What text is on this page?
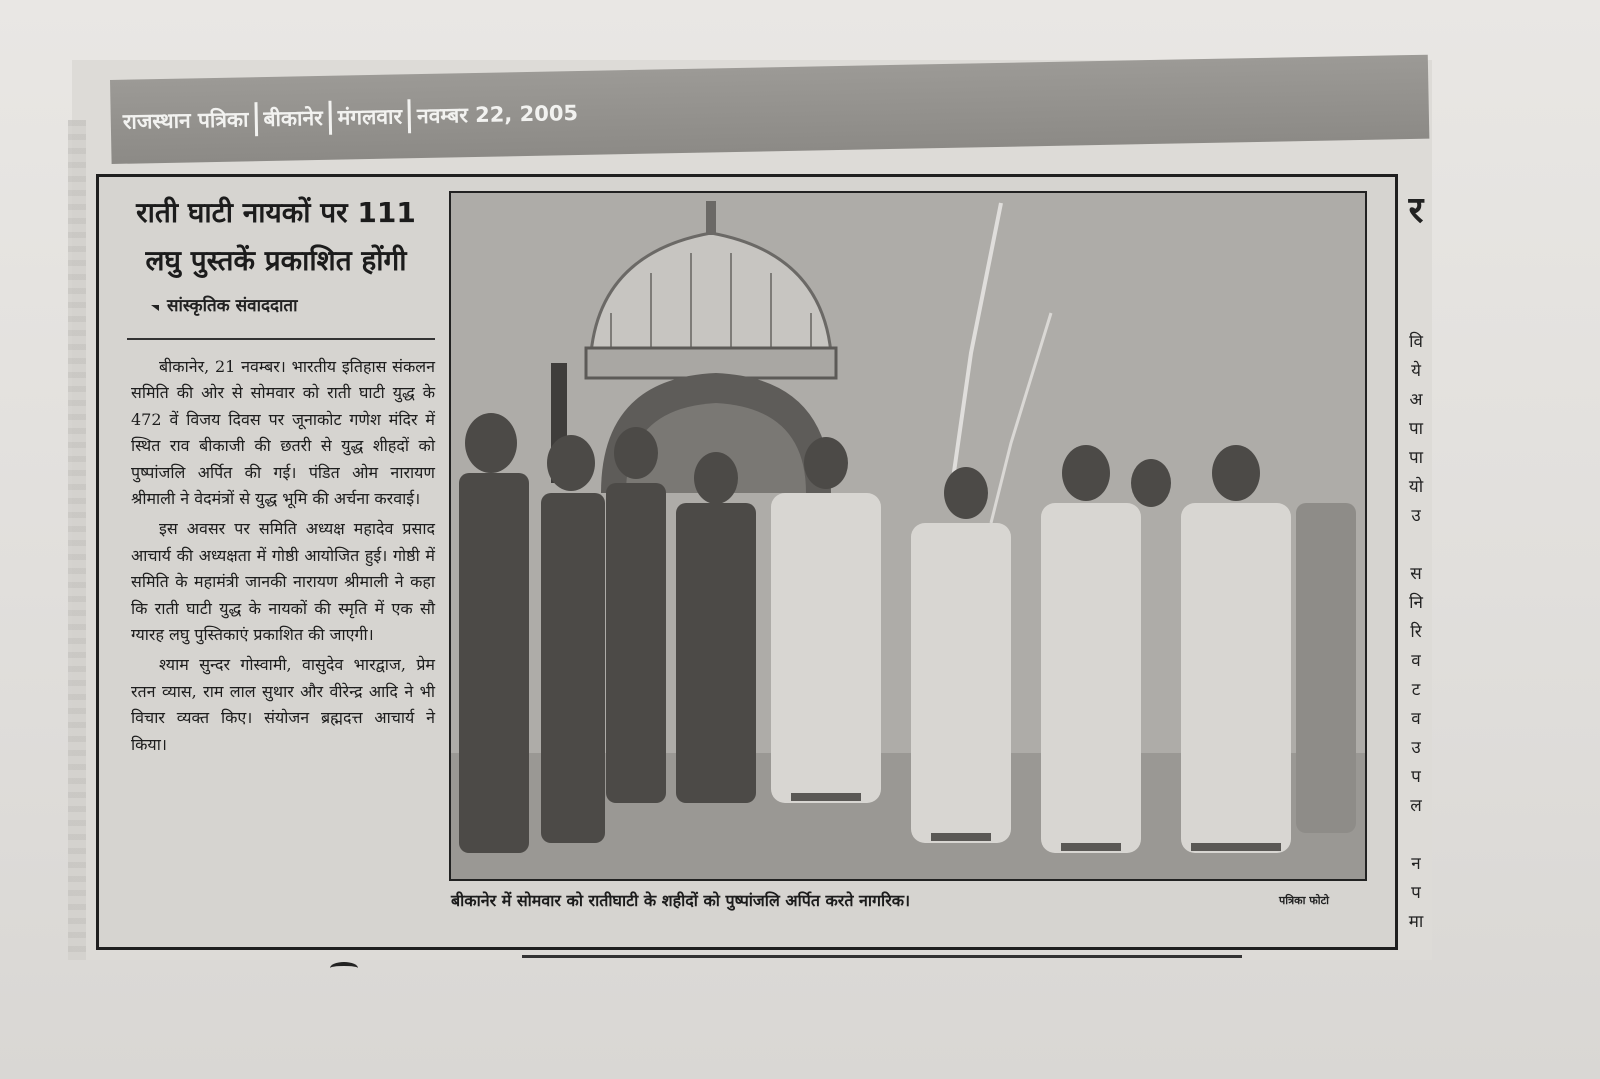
राजस्थान पत्रिका बीकानेर मंगलवार नवम्बर 22, 2005
राती घाटी नायकों पर 111
लघु पुस्तकें प्रकाशित होंगी
सांस्कृतिक संवाददाता

बीकानेर, 21 नवम्बर। भारतीय इतिहास संकलन समिति की ओर से सोमवार को राती घाटी युद्ध के 472 वें विजय दिवस पर जूनाकोट गणेश मंदिर में स्थित राव बीकाजी की छतरी से युद्ध शीहदों को पुष्पांजलि अर्पित की गई। पंडित ओम नारायण श्रीमाली ने वेदमंत्रों से युद्ध भूमि की अर्चना करवाई।

इस अवसर पर समिति अध्यक्ष महादेव प्रसाद आचार्य की अध्यक्षता में गोष्ठी आयोजित हुई। गोष्ठी में समिति के महामंत्री जानकी नारायण श्रीमाली ने कहा कि राती घाटी युद्ध के नायकों की स्मृति में एक सौ ग्यारह लघु पुस्तिकाएं प्रकाशित की जाएगी।

श्याम सुन्दर गोस्वामी, वासुदेव भारद्वाज, प्रेम रतन व्यास, राम लाल सुथार और वीरेन्द्र आदि ने भी विचार व्यक्त किए। संयोजन ब्रह्मदत्त आचार्य ने किया।

बीकानेर में सोमवार को रातीघाटी के शहीदों को पुष्पांजलि अर्पित करते नागरिक।	पत्रिका फोटो
र
वि
ये
अ
पा
पा
यो
उ
स
नि
रि
व
ट
व
उ
प
ल
न
प
मा
